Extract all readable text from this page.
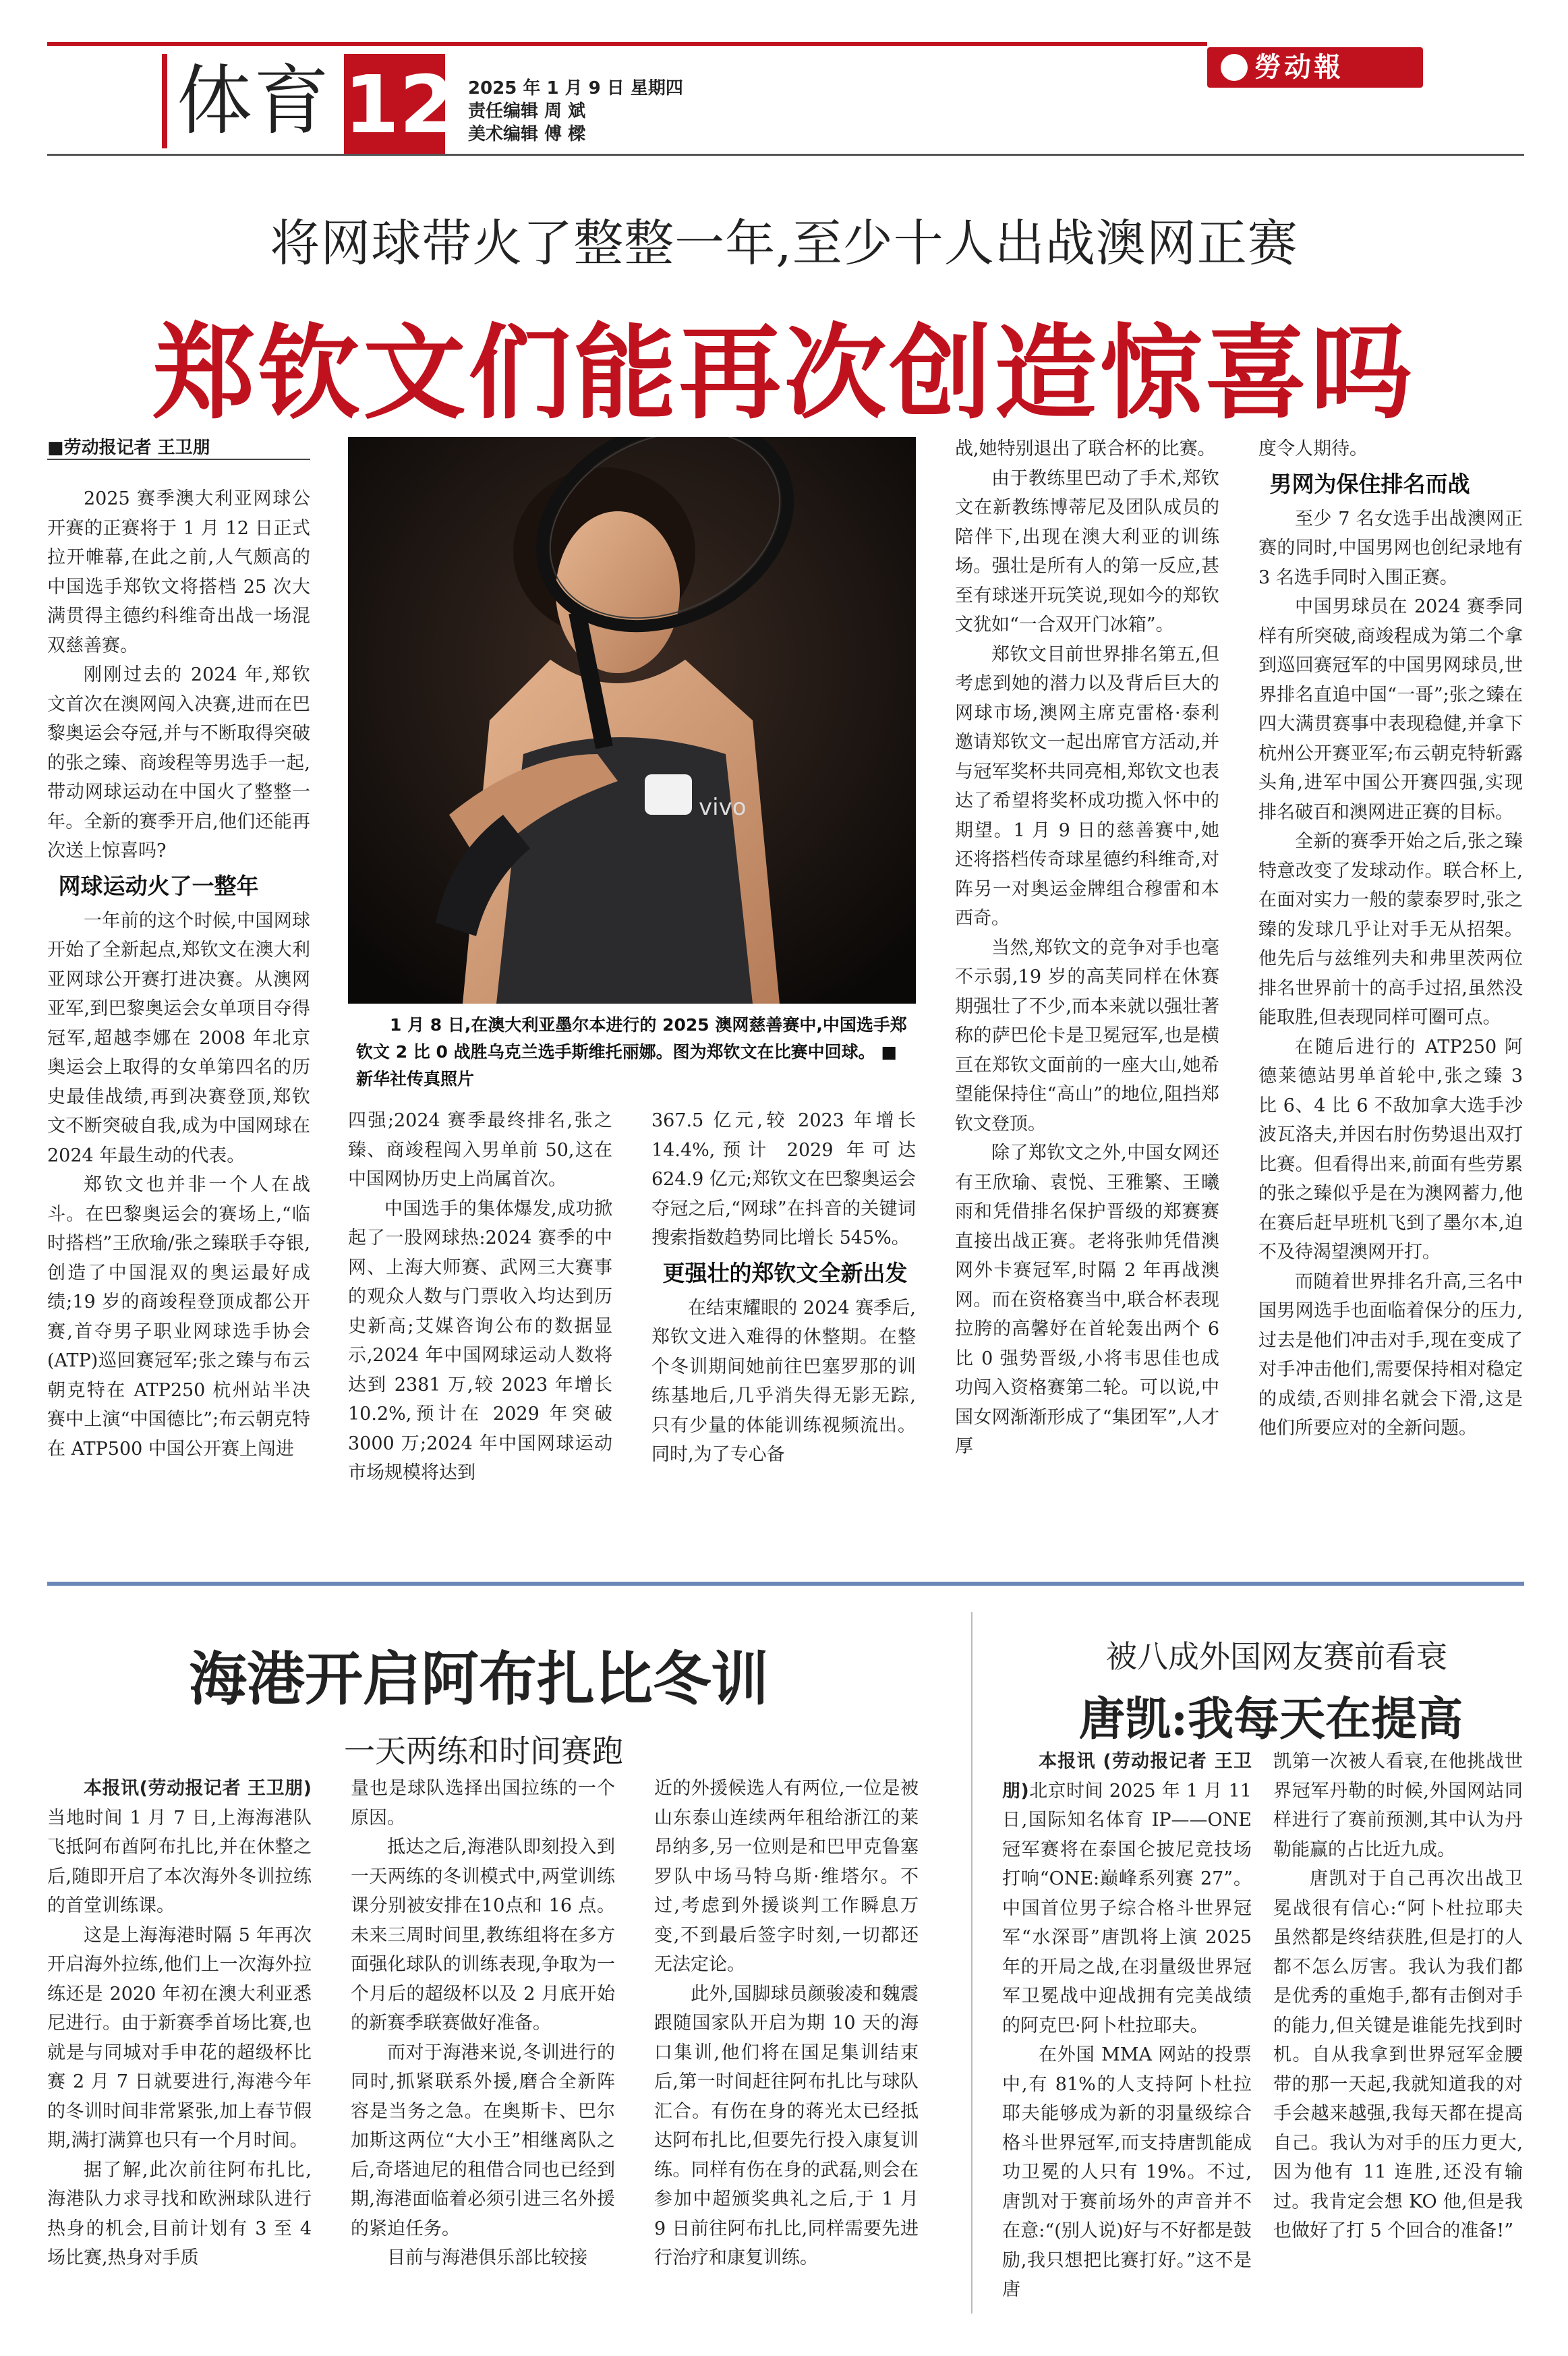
体育 12 2025 年 1 月 9 日 星期四
责任编辑 周 斌
美术编辑 傅 樑
勞动報
将网球带火了整整一年,至少十人出战澳网正赛
郑钦文们能再次创造惊喜吗
■劳动报记者 王卫朋

2025 赛季澳大利亚网球公开赛的正赛将于 1 月 12 日正式拉开帷幕,在此之前,人气颇高的中国选手郑钦文将搭档 25 次大满贯得主德约科维奇出战一场混双慈善赛。

刚刚过去的 2024 年,郑钦文首次在澳网闯入决赛,进而在巴黎奥运会夺冠,并与不断取得突破的张之臻、商竣程等男选手一起,带动网球运动在中国火了整整一年。全新的赛季开启,他们还能再次送上惊喜吗?

网球运动火了一整年

一年前的这个时候,中国网球开始了全新起点,郑钦文在澳大利亚网球公开赛打进决赛。从澳网亚军,到巴黎奥运会女单项目夺得冠军,超越李娜在 2008 年北京奥运会上取得的女单第四名的历史最佳战绩,再到决赛登顶,郑钦文不断突破自我,成为中国网球在 2024 年最生动的代表。

郑钦文也并非一个人在战斗。在巴黎奥运会的赛场上,“临时搭档”王欣瑜/张之臻联手夺银,创造了中国混双的奥运最好成绩;19 岁的商竣程登顶成都公开赛,首夺男子职业网球选手协会(ATP)巡回赛冠军;张之臻与布云朝克特在 ATP250 杭州站半决赛中上演“中国德比”;布云朝克特在 ATP500 中国公开赛上闯进

vivo
1 月 8 日,在澳大利亚墨尔本进行的 2025 澳网慈善赛中,中国选手郑钦文 2 比 0 战胜乌克兰选手斯维托丽娜。图为郑钦文在比赛中回球。 ■新华社传真照片

四强;2024 赛季最终排名,张之臻、商竣程闯入男单前 50,这在中国网协历史上尚属首次。

中国选手的集体爆发,成功掀起了一股网球热:2024 赛季的中网、上海大师赛、武网三大赛事的观众人数与门票收入均达到历史新高;艾媒咨询公布的数据显示,2024 年中国网球运动人数将达到 2381 万,较 2023 年增长 10.2%,预计在 2029 年突破 3000 万;2024 年中国网球运动市场规模将达到

367.5 亿元,较 2023 年增长 14.4%,预计 2029 年可达 624.9 亿元;郑钦文在巴黎奥运会夺冠之后,“网球”在抖音的关键词搜索指数趋势同比增长 545%。

更强壮的郑钦文全新出发

在结束耀眼的 2024 赛季后,郑钦文进入难得的休整期。在整个冬训期间她前往巴塞罗那的训练基地后,几乎消失得无影无踪,只有少量的体能训练视频流出。同时,为了专心备

战,她特别退出了联合杯的比赛。

由于教练里巴动了手术,郑钦文在新教练博蒂尼及团队成员的陪伴下,出现在澳大利亚的训练场。强壮是所有人的第一反应,甚至有球迷开玩笑说,现如今的郑钦文犹如“一合双开门冰箱”。

郑钦文目前世界排名第五,但考虑到她的潜力以及背后巨大的网球市场,澳网主席克雷格·泰利邀请郑钦文一起出席官方活动,并与冠军奖杯共同亮相,郑钦文也表达了希望将奖杯成功揽入怀中的期望。1 月 9 日的慈善赛中,她还将搭档传奇球星德约科维奇,对阵另一对奥运金牌组合穆雷和本西奇。

当然,郑钦文的竞争对手也毫不示弱,19 岁的高芙同样在休赛期强壮了不少,而本来就以强壮著称的萨巴伦卡是卫冕冠军,也是横亘在郑钦文面前的一座大山,她希望能保持住“高山”的地位,阻挡郑钦文登顶。

除了郑钦文之外,中国女网还有王欣瑜、袁悦、王雅繁、王曦雨和凭借排名保护晋级的郑赛赛直接出战正赛。老将张帅凭借澳网外卡赛冠军,时隔 2 年再战澳网。而在资格赛当中,联合杯表现拉胯的高馨妤在首轮轰出两个 6 比 0 强势晋级,小将韦思佳也成功闯入资格赛第二轮。可以说,中国女网渐渐形成了“集团军”,人才厚

度令人期待。

男网为保住排名而战

至少 7 名女选手出战澳网正赛的同时,中国男网也创纪录地有 3 名选手同时入围正赛。

中国男球员在 2024 赛季同样有所突破,商竣程成为第二个拿到巡回赛冠军的中国男网球员,世界排名直追中国“一哥”;张之臻在四大满贯赛事中表现稳健,并拿下杭州公开赛亚军;布云朝克特斩露头角,进军中国公开赛四强,实现排名破百和澳网进正赛的目标。

全新的赛季开始之后,张之臻特意改变了发球动作。联合杯上,在面对实力一般的蒙泰罗时,张之臻的发球几乎让对手无从招架。他先后与兹维列夫和弗里茨两位排名世界前十的高手过招,虽然没能取胜,但表现同样可圈可点。

在随后进行的 ATP250 阿德莱德站男单首轮中,张之臻 3 比 6、4 比 6 不敌加拿大选手沙波瓦洛夫,并因右肘伤势退出双打比赛。但看得出来,前面有些劳累的张之臻似乎是在为澳网蓄力,他在赛后赶早班机飞到了墨尔本,迫不及待渴望澳网开打。

而随着世界排名升高,三名中国男网选手也面临着保分的压力,过去是他们冲击对手,现在变成了对手冲击他们,需要保持相对稳定的成绩,否则排名就会下滑,这是他们所要应对的全新问题。

海港开启阿布扎比冬训
一天两练和时间赛跑

本报讯(劳动报记者 王卫朋)当地时间 1 月 7 日,上海海港队飞抵阿布酋阿布扎比,并在休整之后,随即开启了本次海外冬训拉练的首堂训练课。

这是上海海港时隔 5 年再次开启海外拉练,他们上一次海外拉练还是 2020 年初在澳大利亚悉尼进行。由于新赛季首场比赛,也就是与同城对手申花的超级杯比赛 2 月 7 日就要进行,海港今年的冬训时间非常紧张,加上春节假期,满打满算也只有一个月时间。

据了解,此次前往阿布扎比,海港队力求寻找和欧洲球队进行热身的机会,目前计划有 3 至 4 场比赛,热身对手质

量也是球队选择出国拉练的一个原因。

抵达之后,海港队即刻投入到一天两练的冬训模式中,两堂训练课分别被安排在10点和 16 点。未来三周时间里,教练组将在多方面强化球队的训练表现,争取为一个月后的超级杯以及 2 月底开始的新赛季联赛做好准备。

而对于海港来说,冬训进行的同时,抓紧联系外援,磨合全新阵容是当务之急。在奥斯卡、巴尔加斯这两位“大小王”相继离队之后,奇塔迪尼的租借合同也已经到期,海港面临着必须引进三名外援的紧迫任务。

目前与海港俱乐部比较接

近的外援候选人有两位,一位是被山东泰山连续两年租给浙江的莱昂纳多,另一位则是和巴甲克鲁塞罗队中场马特乌斯·维塔尔。不过,考虑到外援谈判工作瞬息万变,不到最后签字时刻,一切都还无法定论。

此外,国脚球员颜骏凌和魏震跟随国家队开启为期 10 天的海口集训,他们将在国足集训结束后,第一时间赶往阿布扎比与球队汇合。有伤在身的蒋光太已经抵达阿布扎比,但要先行投入康复训练。同样有伤在身的武磊,则会在参加中超颁奖典礼之后,于 1 月 9 日前往阿布扎比,同样需要先进行治疗和康复训练。

被八成外国网友赛前看衰
唐凯:我每天在提高

本报讯 (劳动报记者 王卫朋)北京时间 2025 年 1 月 11 日,国际知名体育 IP——ONE 冠军赛将在泰国仑披尼竞技场打响“ONE:巅峰系列赛 27”。中国首位男子综合格斗世界冠军“水深哥”唐凯将上演 2025 年的开局之战,在羽量级世界冠军卫冕战中迎战拥有完美战绩的阿克巴·阿卜杜拉耶夫。

在外国 MMA 网站的投票中,有 81%的人支持阿卜杜拉耶夫能够成为新的羽量级综合格斗世界冠军,而支持唐凯能成功卫冕的人只有 19%。不过,唐凯对于赛前场外的声音并不在意:“(别人说)好与不好都是鼓励,我只想把比赛打好。”这不是唐

凯第一次被人看衰,在他挑战世界冠军丹勒的时候,外国网站同样进行了赛前预测,其中认为丹勒能赢的占比近九成。

唐凯对于自己再次出战卫冕战很有信心:“阿卜杜拉耶夫虽然都是终结获胜,但是打的人都不怎么厉害。我认为我们都是优秀的重炮手,都有击倒对手的能力,但关键是谁能先找到时机。自从我拿到世界冠军金腰带的那一天起,我就知道我的对手会越来越强,我每天都在提高自己。我认为对手的压力更大,因为他有 11 连胜,还没有输过。我肯定会想 KO 他,但是我也做好了打 5 个回合的准备!”
